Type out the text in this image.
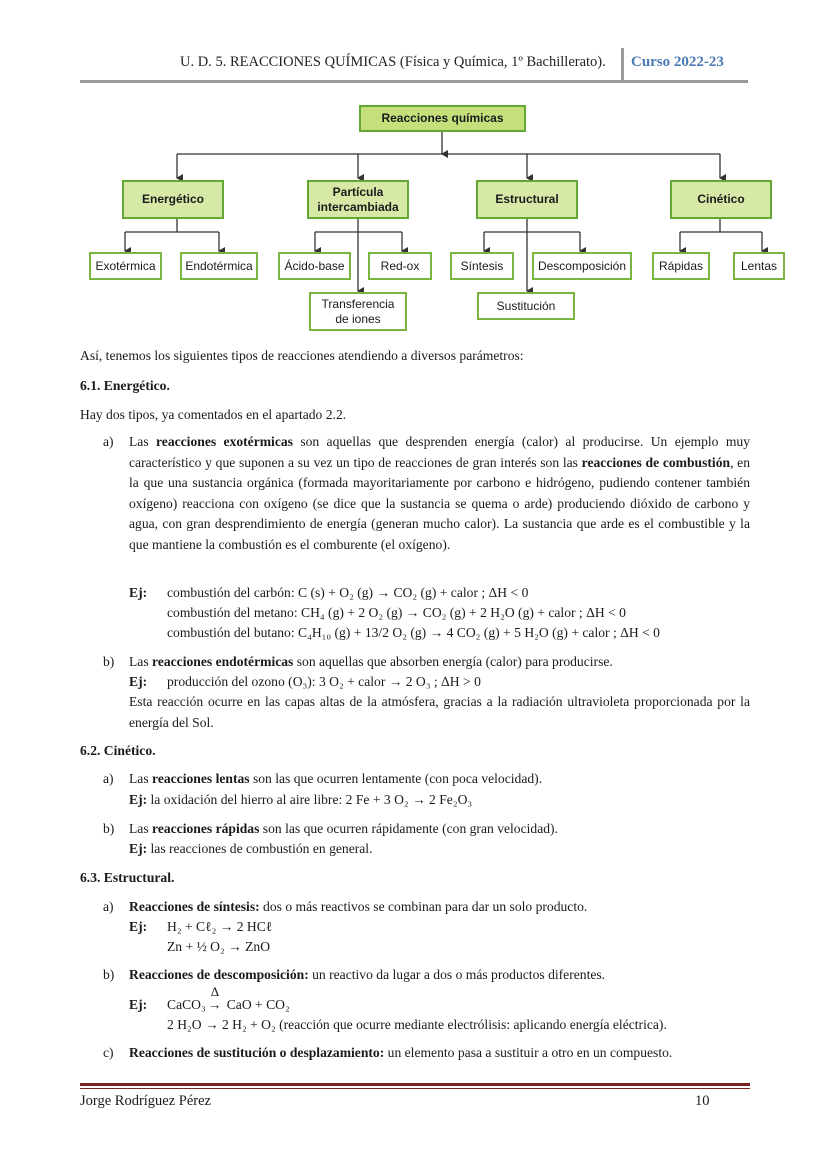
U. D. 5. REACCIONES QUÍMICAS (Física y Química, 1º Bachillerato). Curso 2022-23
Reacciones químicas
Energético
Partícula
intercambiada
Estructural	Cinético
Exotérmica	Endotérmica	Ácido-base	Red-ox
Transferencia
de iones
Síntesis	Descomposición
Sustitución
Rápidas	Lentas
Así, tenemos los siguientes tipos de reacciones atendiendo a diversos parámetros:
6.1. Energético.
Hay dos tipos, ya comentados en el apartado 2.2.
a) Las reacciones exotérmicas son aquellas que desprenden energía (calor) al producirse. Un ejemplo muy característico y que suponen a su vez un tipo de reacciones de gran interés son las reacciones de combustión, en la que una sustancia orgánica (formada mayoritariamente por carbono e hidrógeno, pudiendo contener también oxígeno) reacciona con oxígeno (se dice que la sustancia se quema o arde) produciendo dióxido de carbono y agua, con gran desprendimiento de energía (generan mucho calor). La sustancia que arde es el combustible y la que mantiene la combustión es el comburente (el oxígeno).
Ej: combustión del carbón: C (s) + O₂ (g) → CO₂ (g) + calor ; ΔH < 0
combustión del metano: CH₄ (g) + 2 O₂ (g) → CO₂ (g) + 2 H₂O (g) + calor ; ΔH < 0
combustión del butano: C₄H₁₀ (g) + 13/2 O₂ (g) → 4 CO₂ (g) + 5 H₂O (g) + calor ; ΔH < 0
b) Las reacciones endotérmicas son aquellas que absorben energía (calor) para producirse.
Ej: producción del ozono (O₃): 3 O₂ + calor → 2 O₃ ; ΔH > 0
Esta reacción ocurre en las capas altas de la atmósfera, gracias a la radiación ultravioleta proporcionada por la energía del Sol.
6.2. Cinético.
a) Las reacciones lentas son las que ocurren lentamente (con poca velocidad).
Ej: la oxidación del hierro al aire libre: 2 Fe + 3 O₂ → 2 Fe₂O₃
b) Las reacciones rápidas son las que ocurren rápidamente (con gran velocidad).
Ej: las reacciones de combustión en general.
6.3. Estructural.
a) Reacciones de síntesis: dos o más reactivos se combinan para dar un solo producto.
Ej: H₂ + Cℓ₂ → 2 HCℓ
Zn + ½ O₂ → ZnO
b) Reacciones de descomposición: un reactivo da lugar a dos o más productos diferentes.
Ej: CaCO₃
Δ
→ CaO + CO₂
2 H₂O → 2 H₂ + O₂ (reacción que ocurre mediante electrólisis: aplicando energía eléctrica).
c) Reacciones de sustitución o desplazamiento: un elemento pasa a sustituir a otro en un compuesto.
Jorge Rodríguez Pérez	10
